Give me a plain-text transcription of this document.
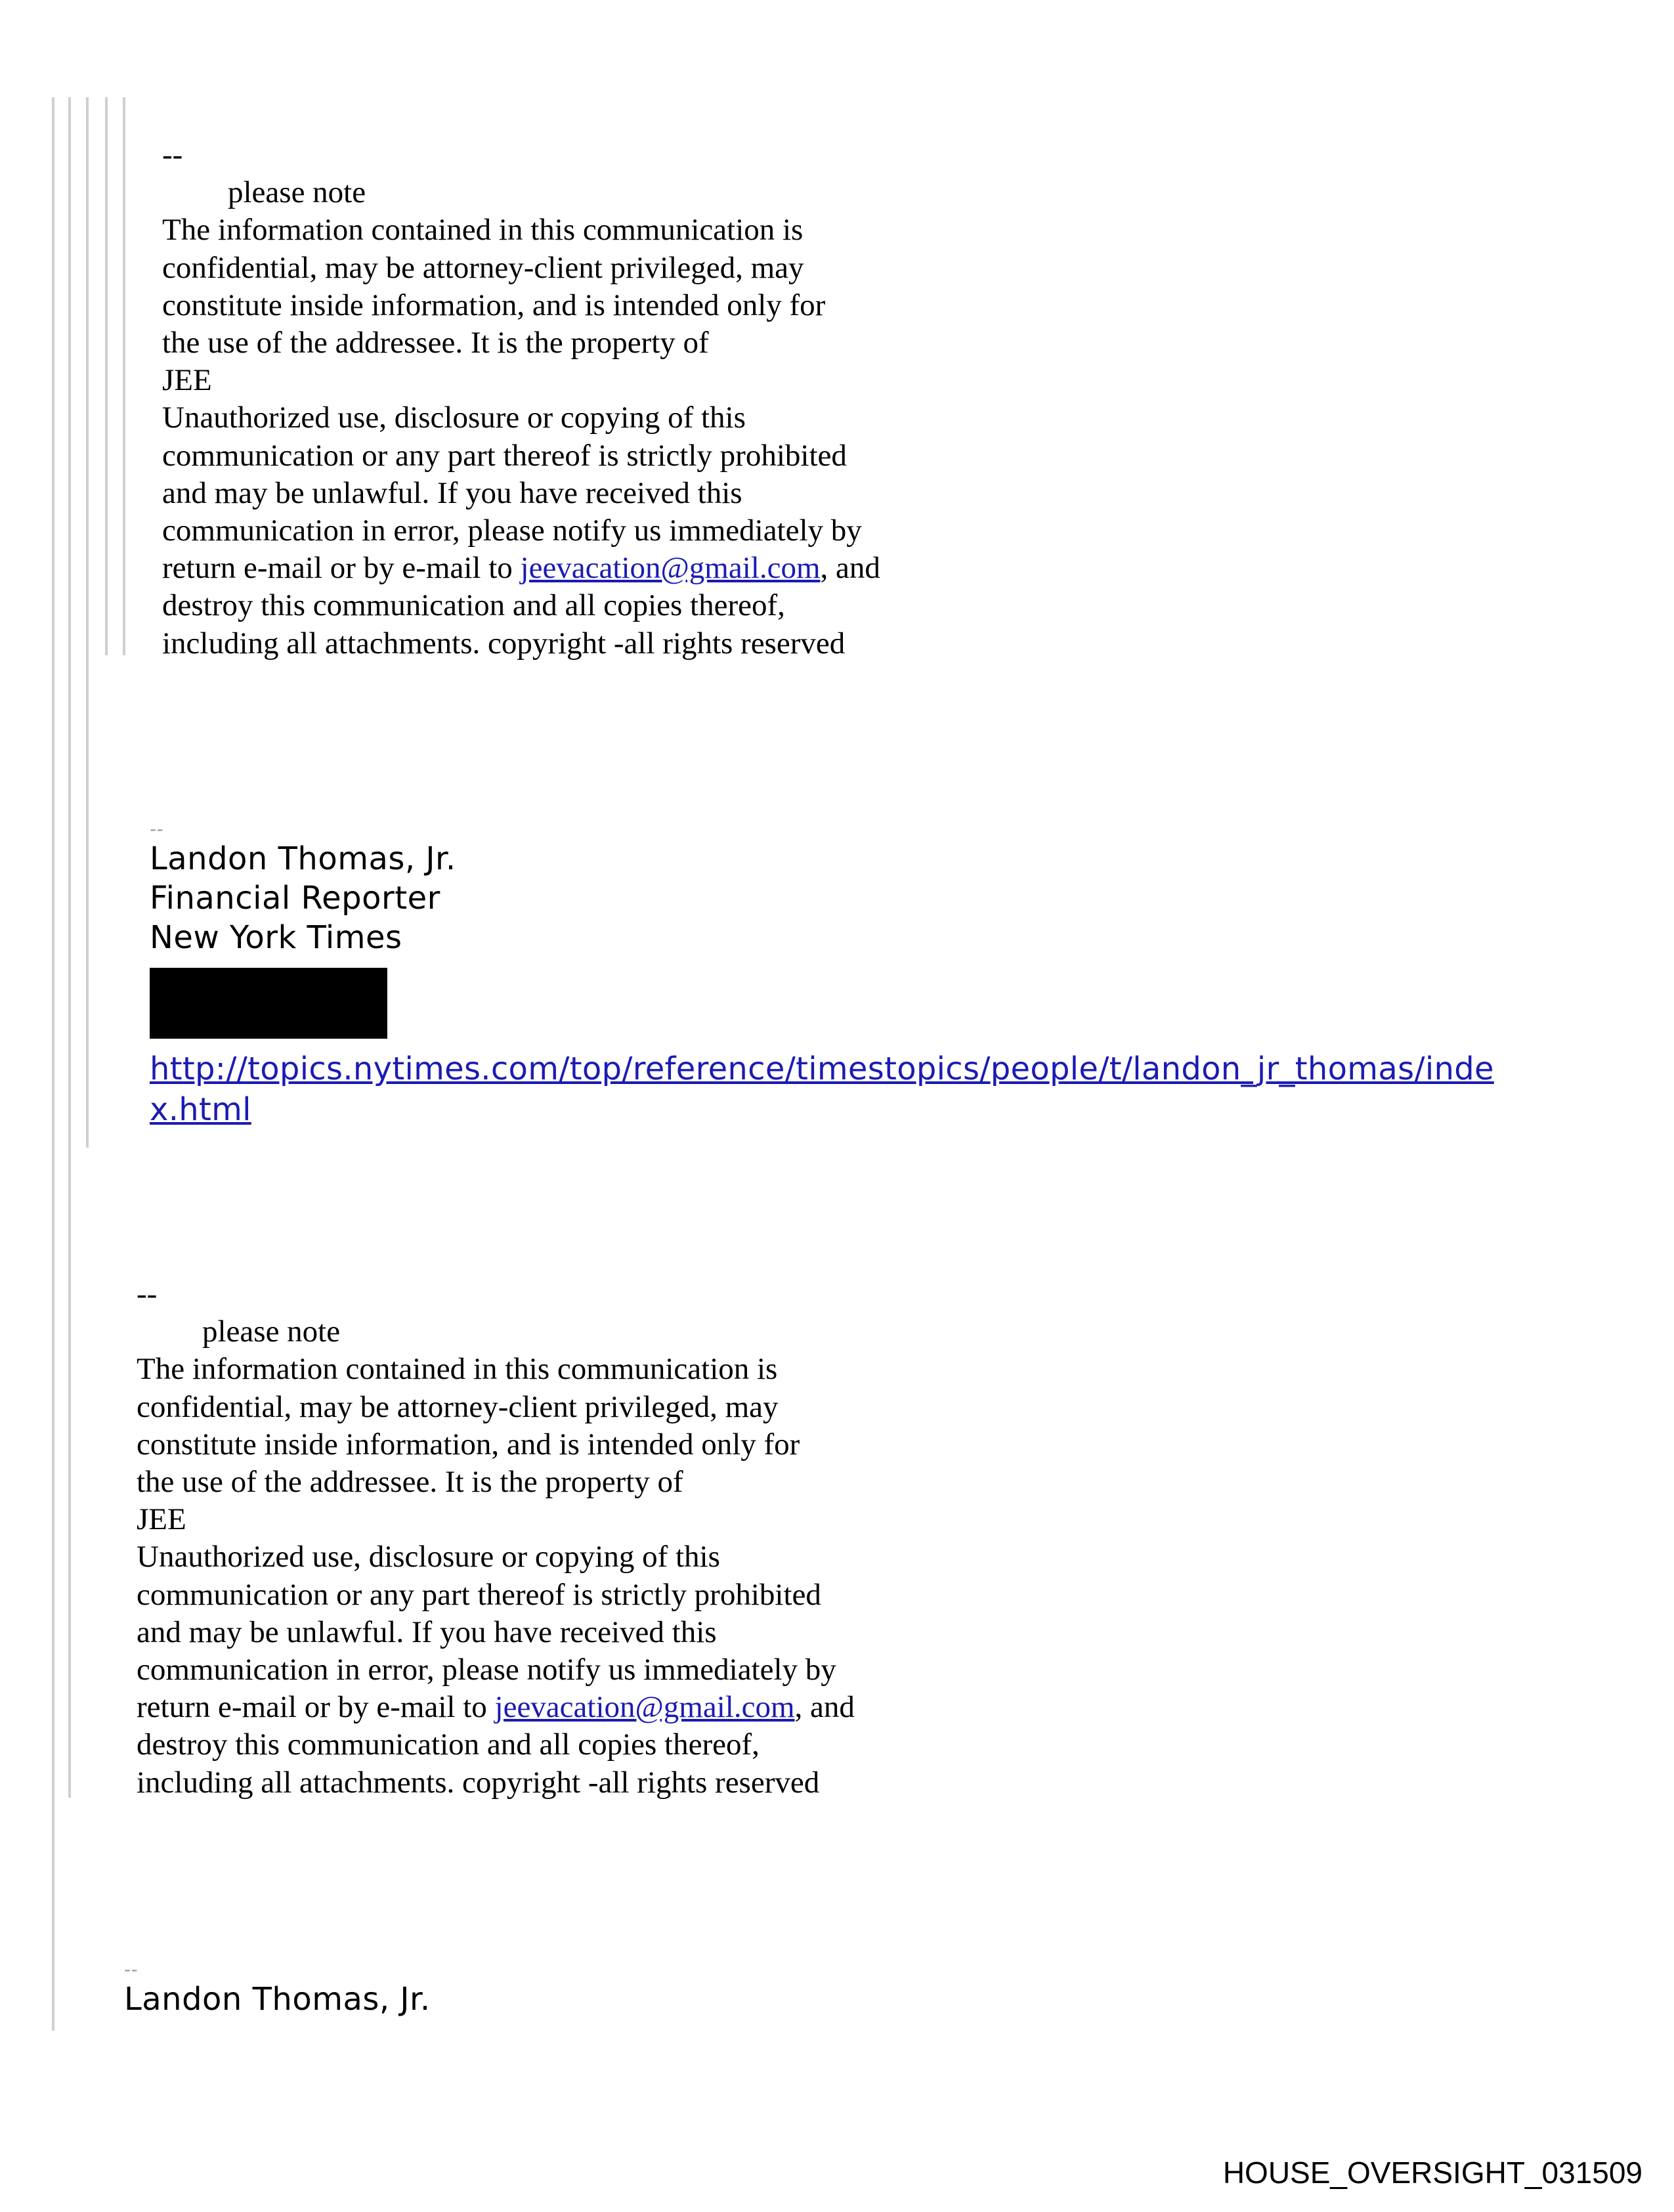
--
please note
The information contained in this communication is
confidential, may be attorney-client privileged, may
constitute inside information, and is intended only for
the use of the addressee. It is the property of
JEE
Unauthorized use, disclosure or copying of this
communication or any part thereof is strictly prohibited
and may be unlawful. If you have received this
communication in error, please notify us immediately by
return e-mail or by e-mail to jeevacation@gmail.com, and
destroy this communication and all copies thereof,
including all attachments. copyright -all rights reserved
--
Landon Thomas, Jr.
Financial Reporter
New York Times
http://topics.nytimes.com/top/reference/timestopics/people/t/landon_jr_thomas/inde
x.html
--
please note
The information contained in this communication is
confidential, may be attorney-client privileged, may
constitute inside information, and is intended only for
the use of the addressee. It is the property of
JEE
Unauthorized use, disclosure or copying of this
communication or any part thereof is strictly prohibited
and may be unlawful. If you have received this
communication in error, please notify us immediately by
return e-mail or by e-mail to jeevacation@gmail.com, and
destroy this communication and all copies thereof,
including all attachments. copyright -all rights reserved
--
Landon Thomas, Jr.
HOUSE_OVERSIGHT_031509
